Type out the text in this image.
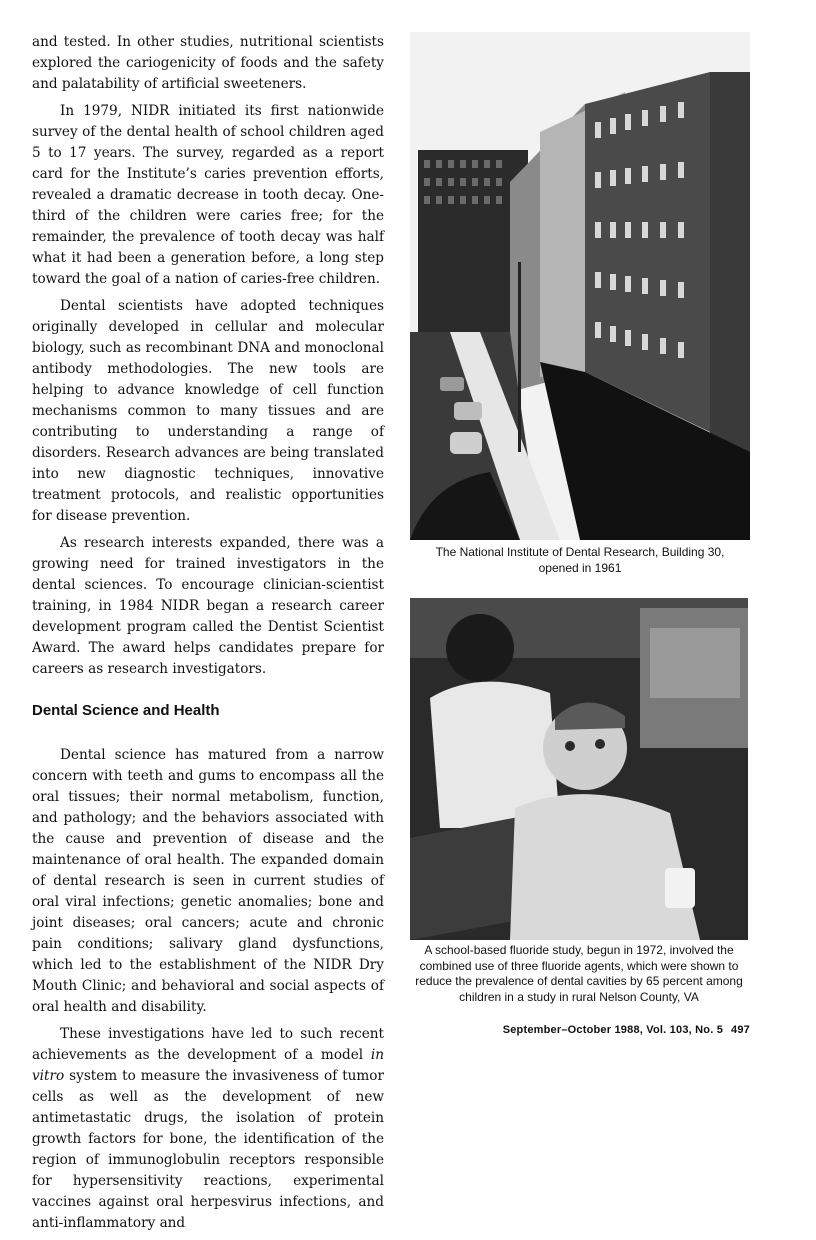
and tested. In other studies, nutritional scientists explored the cariogenicity of foods and the safety and palatability of artificial sweeteners.

In 1979, NIDR initiated its first nationwide survey of the dental health of school children aged 5 to 17 years. The survey, regarded as a report card for the Institute’s caries prevention efforts, revealed a dramatic decrease in tooth decay. One-third of the children were caries free; for the remainder, the prevalence of tooth decay was half what it had been a generation before, a long step toward the goal of a nation of caries-free children.

Dental scientists have adopted techniques originally developed in cellular and molecular biology, such as recombinant DNA and monoclonal antibody methodologies. The new tools are helping to advance knowledge of cell function mechanisms common to many tissues and are contributing to understanding a range of disorders. Research advances are being translated into new diagnostic techniques, innovative treatment protocols, and realistic opportunities for disease prevention.

As research interests expanded, there was a growing need for trained investigators in the dental sciences. To encourage clinician-scientist training, in 1984 NIDR began a research career development program called the Dentist Scientist Award. The award helps candidates prepare for careers as research investigators.

Dental Science and Health

Dental science has matured from a narrow concern with teeth and gums to encompass all the oral tissues; their normal metabolism, function, and pathology; and the behaviors associated with the cause and prevention of disease and the maintenance of oral health. The expanded domain of dental research is seen in current studies of oral viral infections; genetic anomalies; bone and joint diseases; oral cancers; acute and chronic pain conditions; salivary gland dysfunctions, which led to the establishment of the NIDR Dry Mouth Clinic; and behavioral and social aspects of oral health and disability.

These investigations have led to such recent achievements as the development of a model in vitro system to measure the invasiveness of tumor cells as well as the development of new antimetastatic drugs, the isolation of protein growth factors for bone, the identification of the region of immunoglobulin receptors responsible for hypersensitivity reactions, experimental vaccines against oral herpesvirus infections, and anti-inflammatory and

The National Institute of Dental Research, Building 30,
opened in 1961
A school-based fluoride study, begun in 1972, involved the combined use of three fluoride agents, which were shown to reduce the prevalence of dental cavities by 65 percent among children in a study in rural Nelson County, VA
September–October 1988, Vol. 103, No. 5 497
